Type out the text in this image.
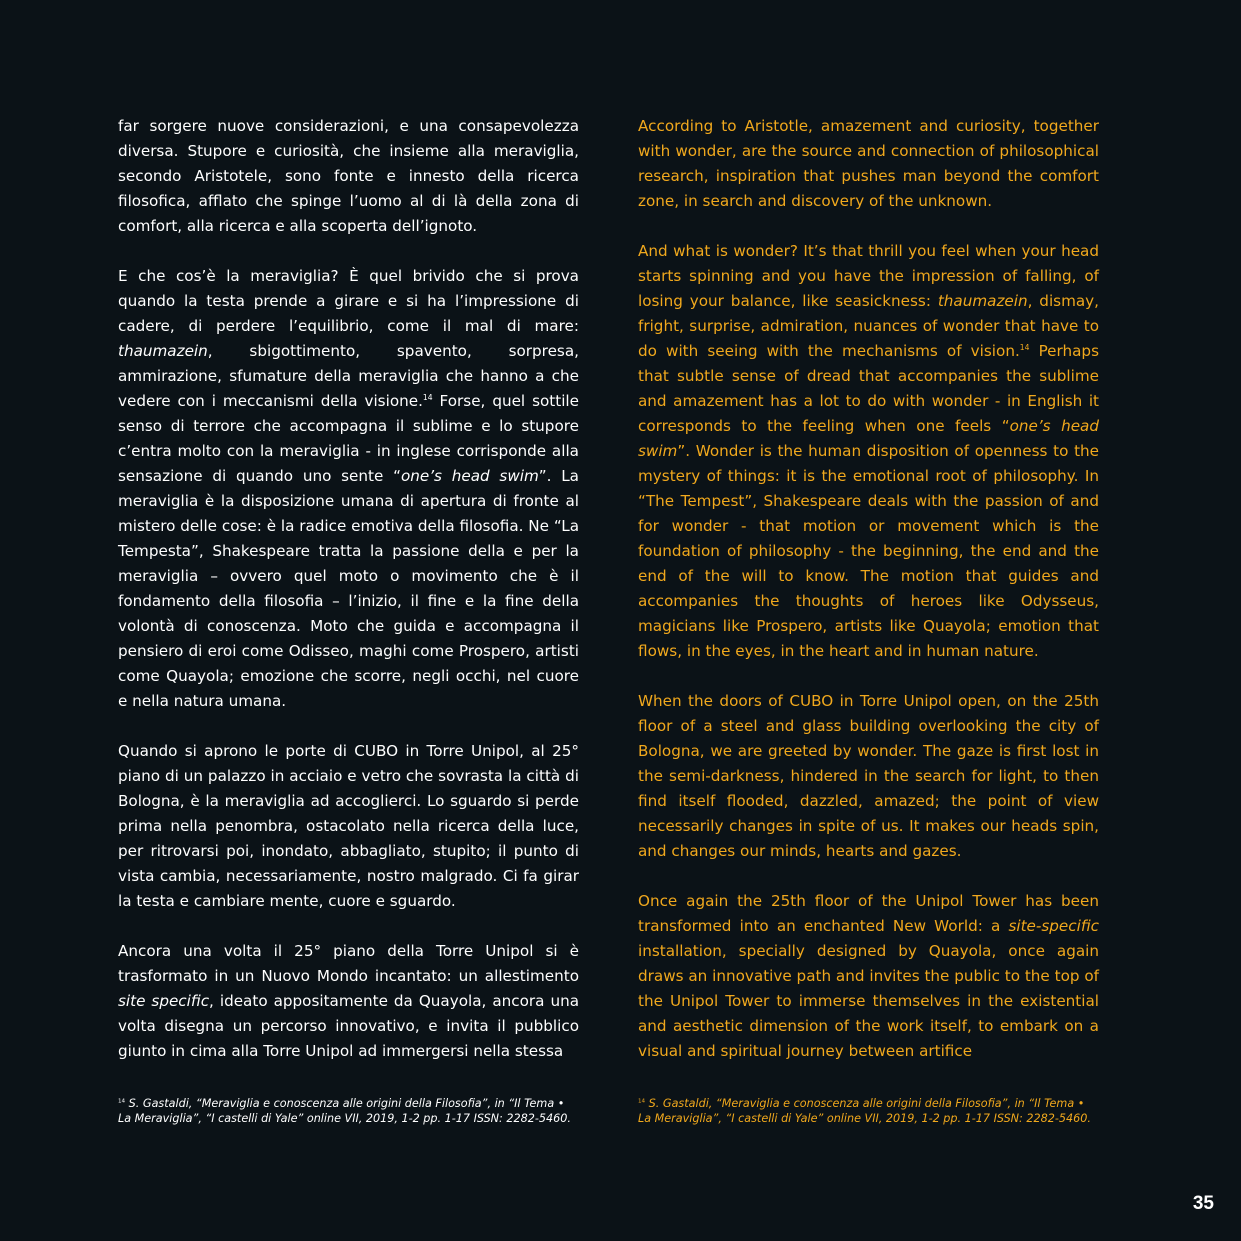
far sorgere nuove considerazioni, e una consapevolezza diversa. Stupore e curiosità, che insieme alla meraviglia, secondo Aristotele, sono fonte e innesto della ricerca filosofica, afflato che spinge l’uomo al di là della zona di comfort, alla ricerca e alla scoperta dell’ignoto.

E che cos’è la meraviglia? È quel brivido che si prova quando la testa prende a girare e si ha l’impressione di cadere, di perdere l’equilibrio, come il mal di mare: thaumazein, sbigottimento, spavento, sorpresa, ammirazione, sfumature della meraviglia che hanno a che vedere con i meccanismi della visione.$^{14}$ Forse, quel sottile senso di terrore che accompagna il sublime e lo stupore c’entra molto con la meraviglia - in inglese corrisponde alla sensazione di quando uno sente “one’s head swim”. La meraviglia è la disposizione umana di apertura di fronte al mistero delle cose: è la radice emotiva della filosofia. Ne “La Tempesta”, Shakespeare tratta la passione della e per la meraviglia – ovvero quel moto o movimento che è il fondamento della filosofia – l’inizio, il fine e la fine della volontà di conoscenza. Moto che guida e accompagna il pensiero di eroi come Odisseo, maghi come Prospero, artisti come Quayola; emozione che scorre, negli occhi, nel cuore e nella natura umana.

Quando si aprono le porte di CUBO in Torre Unipol, al 25° piano di un palazzo in acciaio e vetro che sovrasta la città di Bologna, è la meraviglia ad accoglierci. Lo sguardo si perde prima nella penombra, ostacolato nella ricerca della luce, per ritrovarsi poi, inondato, abbagliato, stupito; il punto di vista cambia, necessariamente, nostro malgrado. Ci fa girar la testa e cambiare mente, cuore e sguardo.

Ancora una volta il 25° piano della Torre Unipol si è trasformato in un Nuovo Mondo incantato: un allestimento site specific, ideato appositamente da Quayola, ancora una volta disegna un percorso innovativo, e invita il pubblico giunto in cima alla Torre Unipol ad immergersi nella stessa

According to Aristotle, amazement and curiosity, together with wonder, are the source and connection of philosophical research, inspiration that pushes man beyond the comfort zone, in search and discovery of the unknown.

And what is wonder? It’s that thrill you feel when your head starts spinning and you have the impression of falling, of losing your balance, like seasickness: thaumazein, dismay, fright, surprise, admiration, nuances of wonder that have to do with seeing with the mechanisms of vision.$^{14}$ Perhaps that subtle sense of dread that accompanies the sublime and amazement has a lot to do with wonder - in English it corresponds to the feeling when one feels “one’s head swim”. Wonder is the human disposition of openness to the mystery of things: it is the emotional root of philosophy. In “The Tempest”, Shakespeare deals with the passion of and for wonder - that motion or movement which is the foundation of philosophy - the beginning, the end and the end of the will to know. The motion that guides and accompanies the thoughts of heroes like Odysseus, magicians like Prospero, artists like Quayola; emotion that flows, in the eyes, in the heart and in human nature.

When the doors of CUBO in Torre Unipol open, on the 25th floor of a steel and glass building overlooking the city of Bologna, we are greeted by wonder. The gaze is first lost in the semi-darkness, hindered in the search for light, to then find itself flooded, dazzled, amazed; the point of view necessarily changes in spite of us. It makes our heads spin, and changes our minds, hearts and gazes.

Once again the 25th floor of the Unipol Tower has been transformed into an enchanted New World: a site-specific installation, specially designed by Quayola, once again draws an innovative path and invites the public to the top of the Unipol Tower to immerse themselves in the existential and aesthetic dimension of the work itself, to embark on a visual and spiritual journey between artifice

$^{14}$ S. Gastaldi, “Meraviglia e conoscenza alle origini della Filosofia”, in “Il Tema • La Meraviglia”, “I castelli di Yale” online VII, 2019, 1-2 pp. 1-17 ISSN: 2282-5460.
$^{14}$ S. Gastaldi, “Meraviglia e conoscenza alle origini della Filosofia”, in “Il Tema • La Meraviglia”, “I castelli di Yale” online VII, 2019, 1-2 pp. 1-17 ISSN: 2282-5460.
35
